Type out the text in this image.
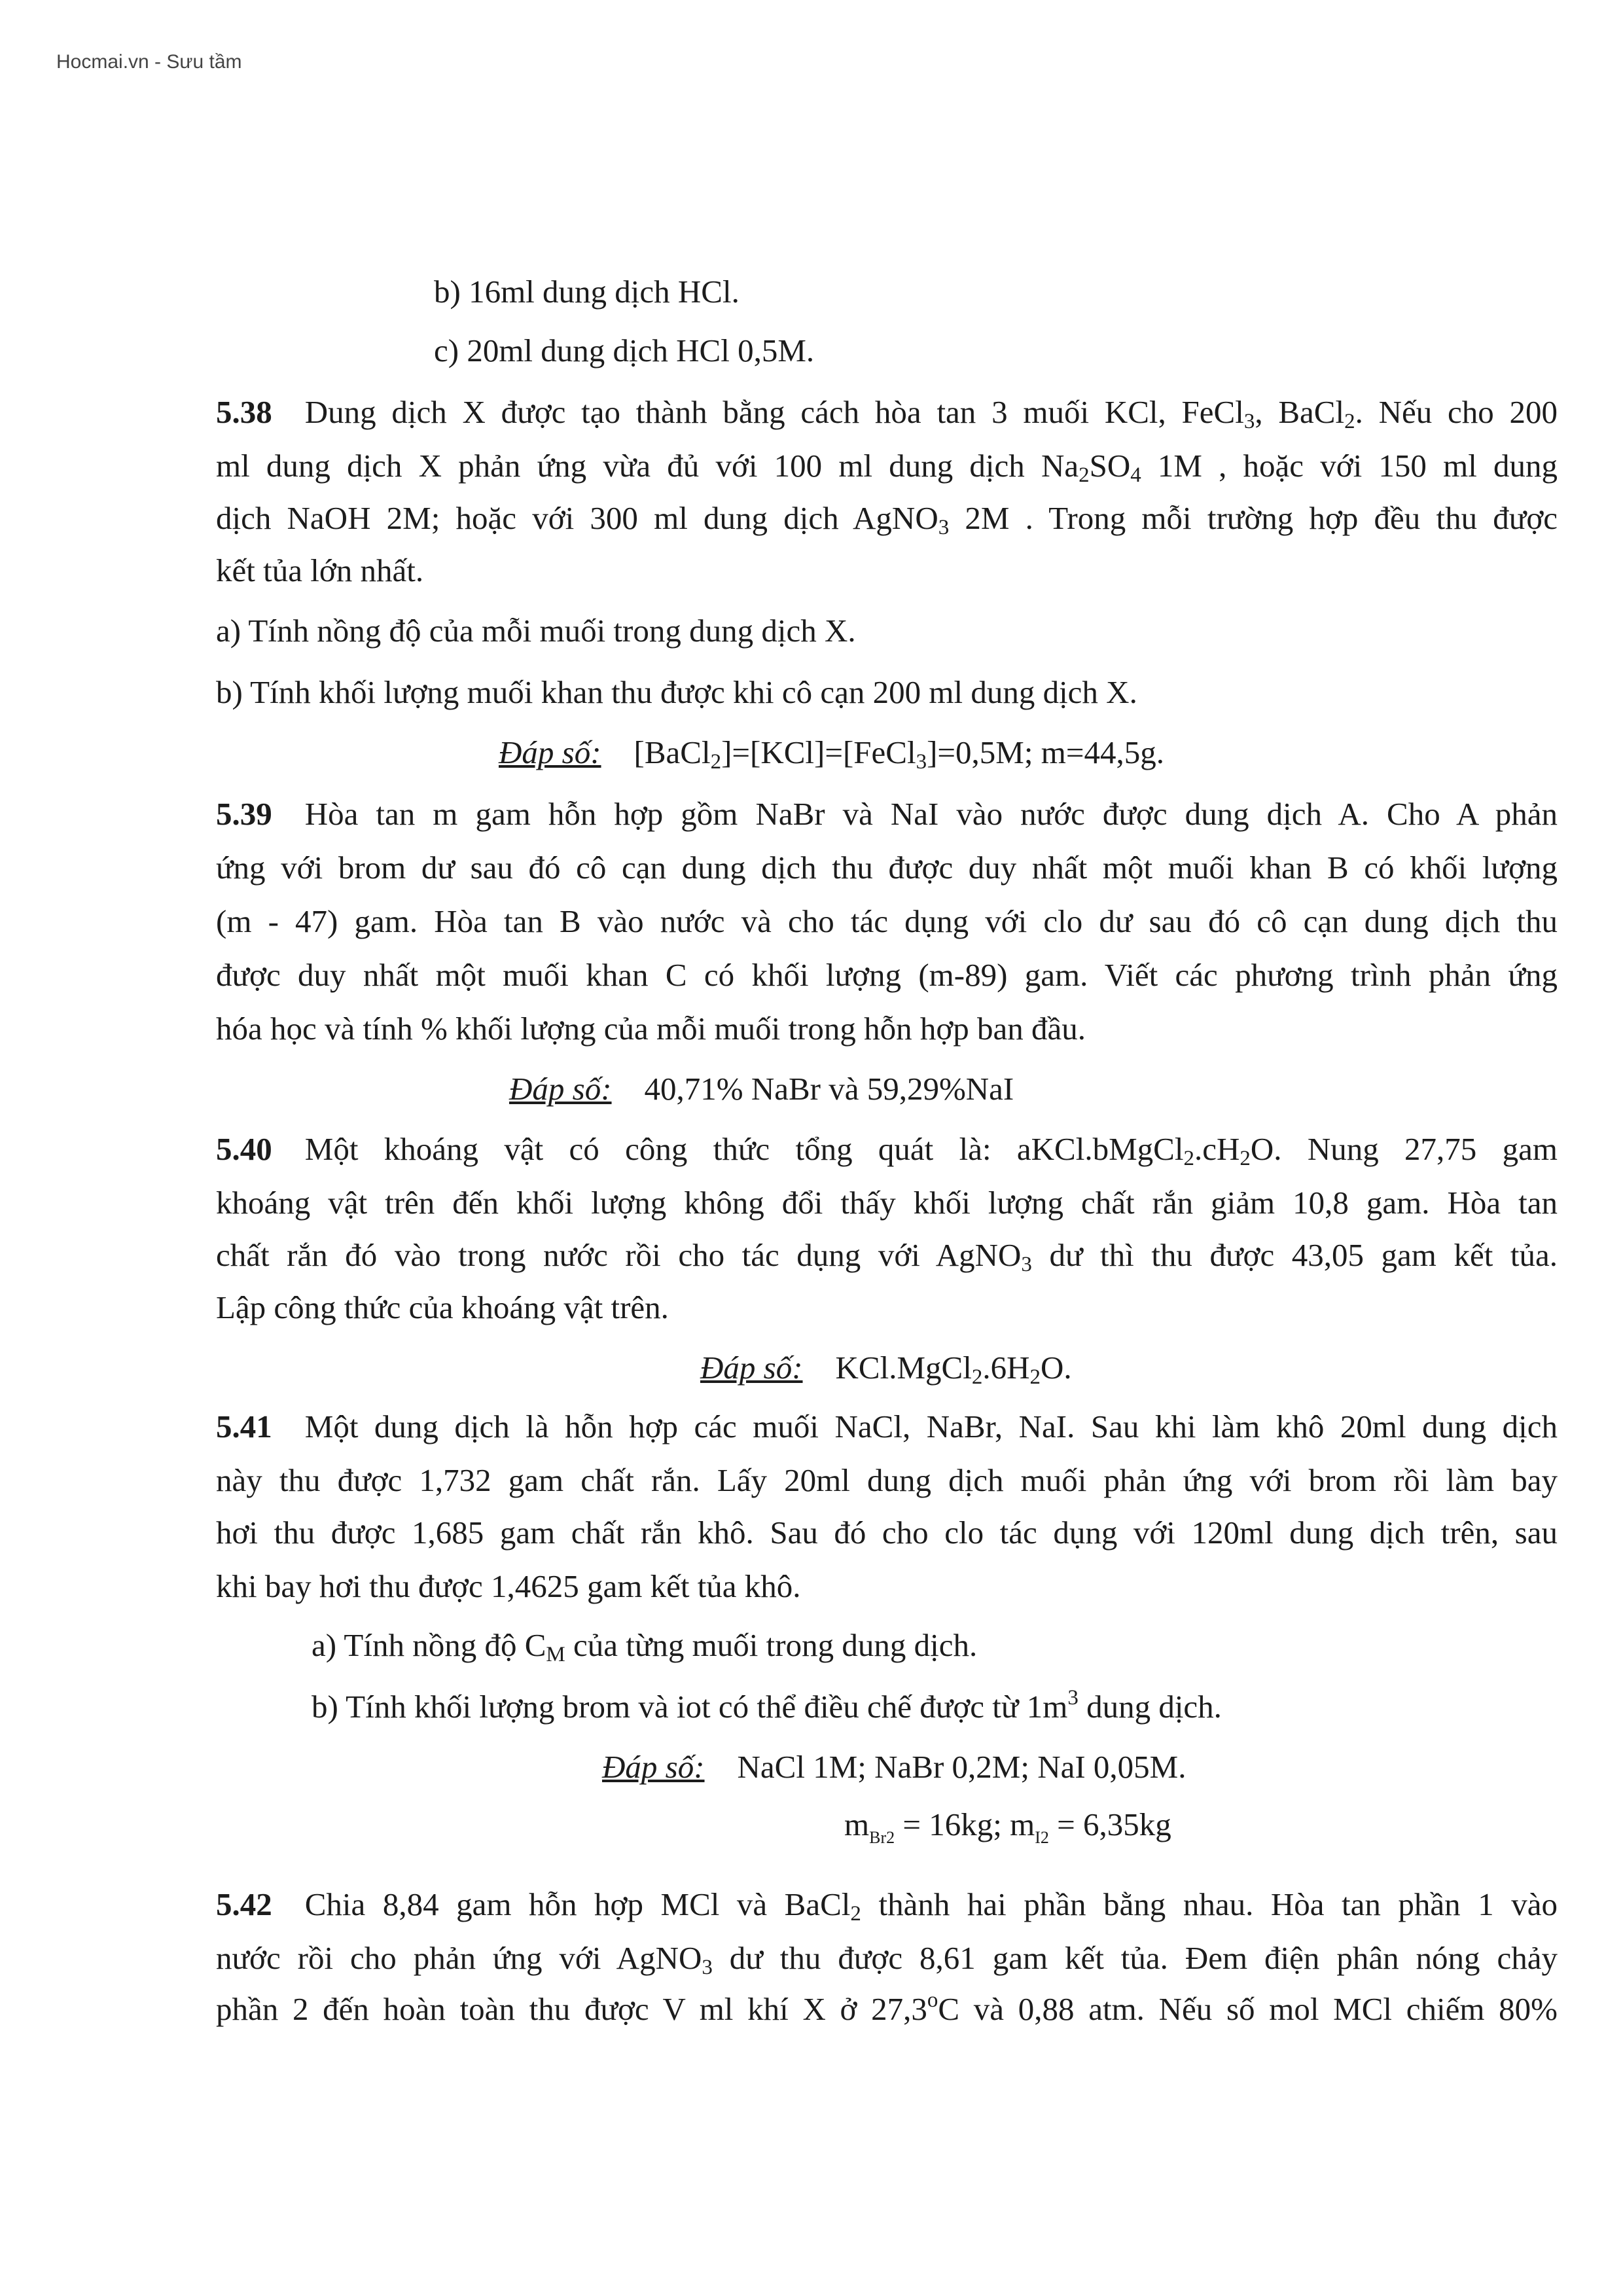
Hocmai.vn - Sưu tầm
b) 16ml dung dịch HCl.
c) 20ml dung dịch HCl 0,5M.
5.38 Dung dịch X được tạo thành bằng cách hòa tan 3 muối KCl, FeCl$_3$, BaCl$_2$. Nếu cho 200
ml dung dịch X phản ứng vừa đủ với 100 ml dung dịch $Na_2SO_4$ 1M , hoặc với 150 ml dung
dịch NaOH 2M; hoặc với 300 ml dung dịch AgNO$_3$ 2M . Trong mỗi trường hợp đều thu được
kết tủa lớn nhất.
a) Tính nồng độ của mỗi muối trong dung dịch X.
b) Tính khối lượng muối khan thu được khi cô cạn 200 ml dung dịch X.
Đáp số: [BaCl$_2$]=[KCl]=[FeCl$_3$]=0,5M; m=44,5g.
5.39 Hòa tan m gam hỗn hợp gồm NaBr và NaI vào nước được dung dịch A. Cho A phản
ứng với brom dư sau đó cô cạn dung dịch thu được duy nhất một muối khan B có khối lượng
(m - 47) gam. Hòa tan B vào nước và cho tác dụng với clo dư sau đó cô cạn dung dịch thu
được duy nhất một muối khan C có khối lượng (m-89) gam. Viết các phương trình phản ứng
hóa học và tính % khối lượng của mỗi muối trong hỗn hợp ban đầu.
Đáp số: 40,71% NaBr và 59,29%NaI
5.40 Một khoáng vật có công thức tổng quát là: $aKCl.bMgCl_2.cH_2O$. Nung 27,75 gam
khoáng vật trên đến khối lượng không đổi thấy khối lượng chất rắn giảm 10,8 gam. Hòa tan
chất rắn đó vào trong nước rồi cho tác dụng với AgNO$_3$ dư thì thu được 43,05 gam kết tủa.
Lập công thức của khoáng vật trên.
Đáp số: $KCl.MgCl_2.6H_2O$.
5.41 Một dung dịch là hỗn hợp các muối NaCl, NaBr, NaI. Sau khi làm khô 20ml dung dịch
này thu được 1,732 gam chất rắn. Lấy 20ml dung dịch muối phản ứng với brom rồi làm bay
hơi thu được 1,685 gam chất rắn khô. Sau đó cho clo tác dụng với 120ml dung dịch trên, sau
khi bay hơi thu được 1,4625 gam kết tủa khô.
a) Tính nồng độ $C_M$ của từng muối trong dung dịch.
b) Tính khối lượng brom và iot có thể điều chế được từ $1m^3$ dung dịch.
Đáp số: NaCl 1M; NaBr 0,2M; NaI 0,05M.
$m_{Br2} = 16kg$; $m_{I2} = 6,35kg$
5.42 Chia 8,84 gam hỗn hợp MCl và BaCl$_2$ thành hai phần bằng nhau. Hòa tan phần 1 vào
nước rồi cho phản ứng với AgNO$_3$ dư thu được 8,61 gam kết tủa. Đem điện phân nóng chảy
phần 2 đến hoàn toàn thu được V ml khí X ở 27,3$^o$C và 0,88 atm. Nếu số mol MCl chiếm 80%
